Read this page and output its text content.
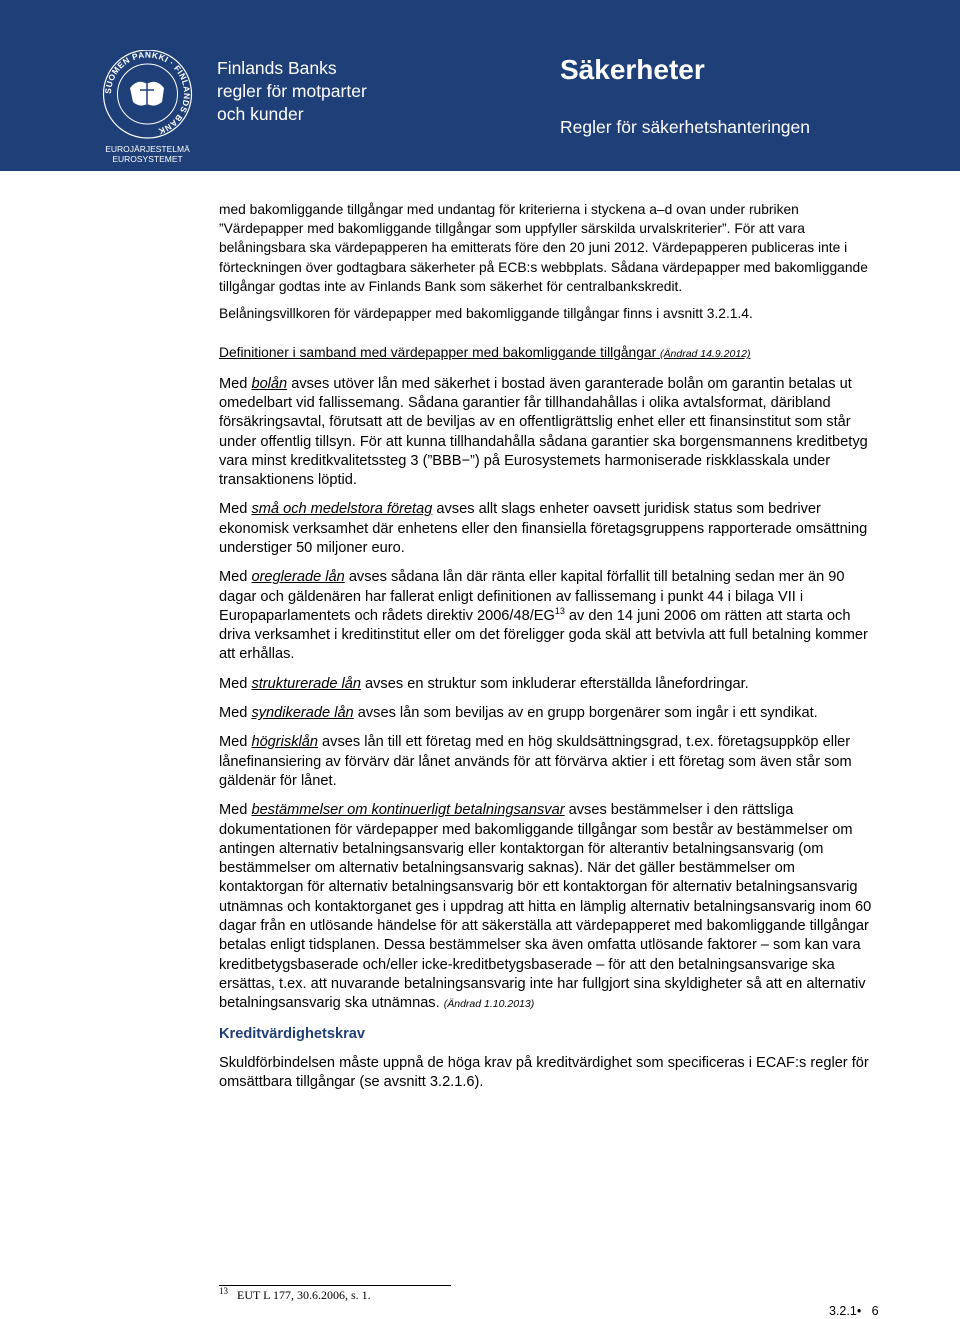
SUOMEN PANKKI · FINLANDS BANK
EUROJÄRJESTELMÄ
EUROSYSTEMET
Finlands Banks
regler för motparter
och kunder
Säkerheter
Regler för säkerhetshanteringen

med bakomliggande tillgångar med undantag för kriterierna i styckena a–d ovan under rubriken ”Värdepapper med bakomliggande tillgångar som uppfyller särskilda urvalskriterier”. För att vara belåningsbara ska värdepapperen ha emitterats före den 20 juni 2012. Värdepapperen publiceras inte i förteckningen över godtagbara säkerheter på ECB:s webbplats. Sådana värdepapper med bakomliggande tillgångar godtas inte av Finlands Bank som säkerhet för centralbankskredit.

Belåningsvillkoren för värdepapper med bakomliggande tillgångar finns i avsnitt 3.2.1.4.

Definitioner i samband med värdepapper med bakomliggande tillgångar (Ändrad 14.9.2012)

Med bolån avses utöver lån med säkerhet i bostad även garanterade bolån om garantin betalas ut omedelbart vid fallissemang. Sådana garantier får tillhandahållas i olika avtalsformat, däribland försäkringsavtal, förutsatt att de beviljas av en offentligrättslig enhet eller ett finansinstitut som står under offentlig tillsyn. För att kunna tillhandahålla sådana garantier ska borgensmannens kreditbetyg vara minst kreditkvalitetssteg 3 (”BBB−”) på Eurosystemets harmoniserade riskklasskala under transaktionens löptid.

Med små och medelstora företag avses allt slags enheter oavsett juridisk status som bedriver ekonomisk verksamhet där enhetens eller den finansiella företagsgruppens rapporterade omsättning understiger 50 miljoner euro.

Med oreglerade lån avses sådana lån där ränta eller kapital förfallit till betalning sedan mer än 90 dagar och gäldenären har fallerat enligt definitionen av fallissemang i punkt 44 i bilaga VII i Europaparlamentets och rådets direktiv 2006/48/EG$^{13}$ av den 14 juni 2006 om rätten att starta och driva verksamhet i kreditinstitut eller om det föreligger goda skäl att betvivla att full betalning kommer att erhållas.

Med strukturerade lån avses en struktur som inkluderar efterställda lånefordringar.

Med syndikerade lån avses lån som beviljas av en grupp borgenärer som ingår i ett syndikat.

Med högrisklån avses lån till ett företag med en hög skuldsättningsgrad, t.ex. företagsuppköp eller lånefinansiering av förvärv där lånet används för att förvärva aktier i ett företag som även står som gäldenär för lånet.

Med bestämmelser om kontinuerligt betalningsansvar avses bestämmelser i den rättsliga dokumentationen för värdepapper med bakomliggande tillgångar som består av bestämmelser om antingen alternativ betalningsansvarig eller kontaktorgan för alterantiv betalningsansvarig (om bestämmelser om alternativ betalningsansvarig saknas). När det gäller bestämmelser om kontaktorgan för alternativ betalningsansvarig bör ett kontaktorgan för alternativ betalningsansvarig utnämnas och kontaktorganet ges i uppdrag att hitta en lämplig alternativ betalningsansvarig inom 60 dagar från en utlösande händelse för att säkerställa att värdepapperet med bakomliggande tillgångar betalas enligt tidsplanen. Dessa bestämmelser ska även omfatta utlösande faktorer – som kan vara kreditbetygsbaserade och/eller icke-kreditbetygsbaserade – för att den betalningsansvarige ska ersättas, t.ex. att nuvarande betalningsansvarig inte har fullgjort sina skyldigheter så att en alternativ betalningsansvarig ska utnämnas. (Ändrad 1.10.2013)

Kreditvärdighetskrav

Skuldförbindelsen måste uppnå de höga krav på kreditvärdighet som specificeras i ECAF:s regler för omsättbara tillgångar (se avsnitt 3.2.1.6).

$^{13}$ EUT L 177, 30.6.2006, s. 1.
3.2.1• 6
